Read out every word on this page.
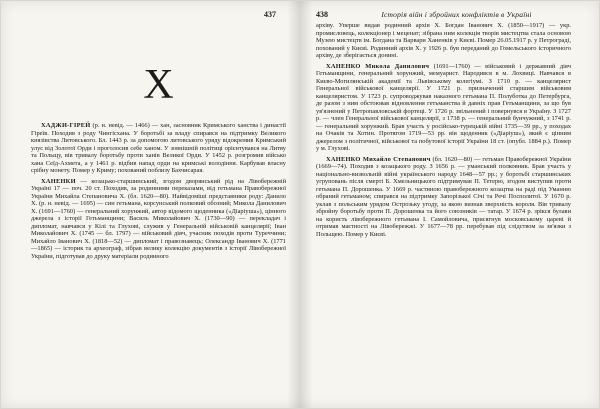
437
X

ХАДЖИ-ГІРЕЙ (р. н. невід. — 1466) — хан, засновник Кримського ханства і династії Гіреїв. Походив з роду Чингісхана. У боротьбі за владу спирався на підтримку Великого князівства Литовського. Бл. 1443 р. за допомогою литовського уряду відокремив Кримський улус від Золотої Орди і проголосив себе ханом. У зовнішній політиці орієнтувався на Литву та Польщу, вів тривалу боротьбу проти ханів Великої Орди. У 1452 р. розгромив військо хана Сеїд-Ахмета, а у 1461 р. відбив напад орди на кримські володіння. Карбував власну срібну монету. Помер у Криму; похований поблизу Бахчисарая.

ХАНЕНКИ — козацько-старшинський, згодом дворянський рід на Лівобережній Україні 17 — поч. 20 ст. Походив, за родинними переказами, від гетьмана Правобережної України Михайла Степановича X. (бл. 1620—80). Найвідоміші представники роду: Данило X. (р. н. невід. — 1695) — син гетьмана, корсунський полковий обозний; Микола Данилович X. (1691—1760) — генеральний хорунжий, автор відомого щоденника («Діаріуша»), цінного джерела з історії Гетьманщини; Василь Миколайович X. (1730—90) — перекладач і дипломат, навчався у Кілі та Глухові, служив у Генеральній військовій канцелярії; Іван Миколайович X. (1745 — бл. 1797) — військовий діяч, учасник походів проти Туреччини; Михайло Іванович X. (1818—52) — дипломат і правознавець; Олександр Іванович X. (1771—1865) — історик та археограф, зібрав велику колекцію документів з історії Лівобережної України, підготував до друку матеріали родинного

438	Історія війн і збройних конфліктів в Україні

архіву. Уперше видав родинний архів X. Богдан Іванович X. (1850—1917) — укр. промисловець, колекціонер і меценат; зібрана ним колекція творів мистецтва стала основою Музею мистецтв ім. Богдана та Варвари Ханенків у Києві. Помер 26.05.1917 р. у Петрограді, похований у Києві. Родинний архів X. у 1926 р. був переданий до Гомельського історичного архіву, де зберігається донині.

ХАНЕНКО Микола Данилович (1691—1760) — військовий і державний діяч Гетьманщини, генеральний хорунжий, мемуарист. Народився в м. Лохвиці. Навчався в Києво-Могилянській академії та Львівському колегіумі. З 1710 р. — канцелярист Генеральної військової канцелярії. У 1721 р. призначений старшим військовим канцеляристом. У 1723 р. супроводжував наказного гетьмана П. Полуботка до Петербурга, де разом з ним обстоював відновлення гетьманства й давніх прав Гетьманщини, за що був ув'язнений у Петропавловській фортеці. У 1726 р. звільнений і повернувся в Україну. З 1727 р. — член Генеральної військової канцелярії, з 1738 р. — генеральний бунчужний, з 1741 р. — генеральний хорунжий. Брав участь у російсько-турецькій війні 1735—39 рр., у походах на Очаків та Хотин. Протягом 1719—53 рр. вів щоденник («Діаріуш»), який є цінним джерелом з політичної, військової та побутової історії України 18 ст. (опубл. 1884 р.). Помер у м. Глухові.

ХАНЕНКО Михайло Степанович (бл. 1620—80) — гетьман Правобережної України (1669—74). Походив з козацького роду. З 1656 р. — уманський полковник. Брав участь у національно-визвольній війні українського народу 1648—57 рр.; у боротьбі старшинських угруповань після смерті Б. Хмельницького підтримував П. Тетерю, згодом виступив проти гетьмана П. Дорошенка. У 1669 р. частиною правобережного козацтва на раді під Уманню обраний гетьманом; спирався на підтримку Запорізької Січі та Речі Посполитої. У 1670 р. уклав з польським урядом Острозьку угоду, за якою визнав зверхність короля. Вів тривалу збройну боротьбу проти П. Дорошенка та його союзників — татар. У 1674 р. зрікся булави на користь лівобережного гетьмана І. Самойловича, присягнув московському цареві й отримав маєтності на Лівобережжі. У 1677—78 рр. перебував під слідством за зв'язки з Польщею. Помер у Києві.
